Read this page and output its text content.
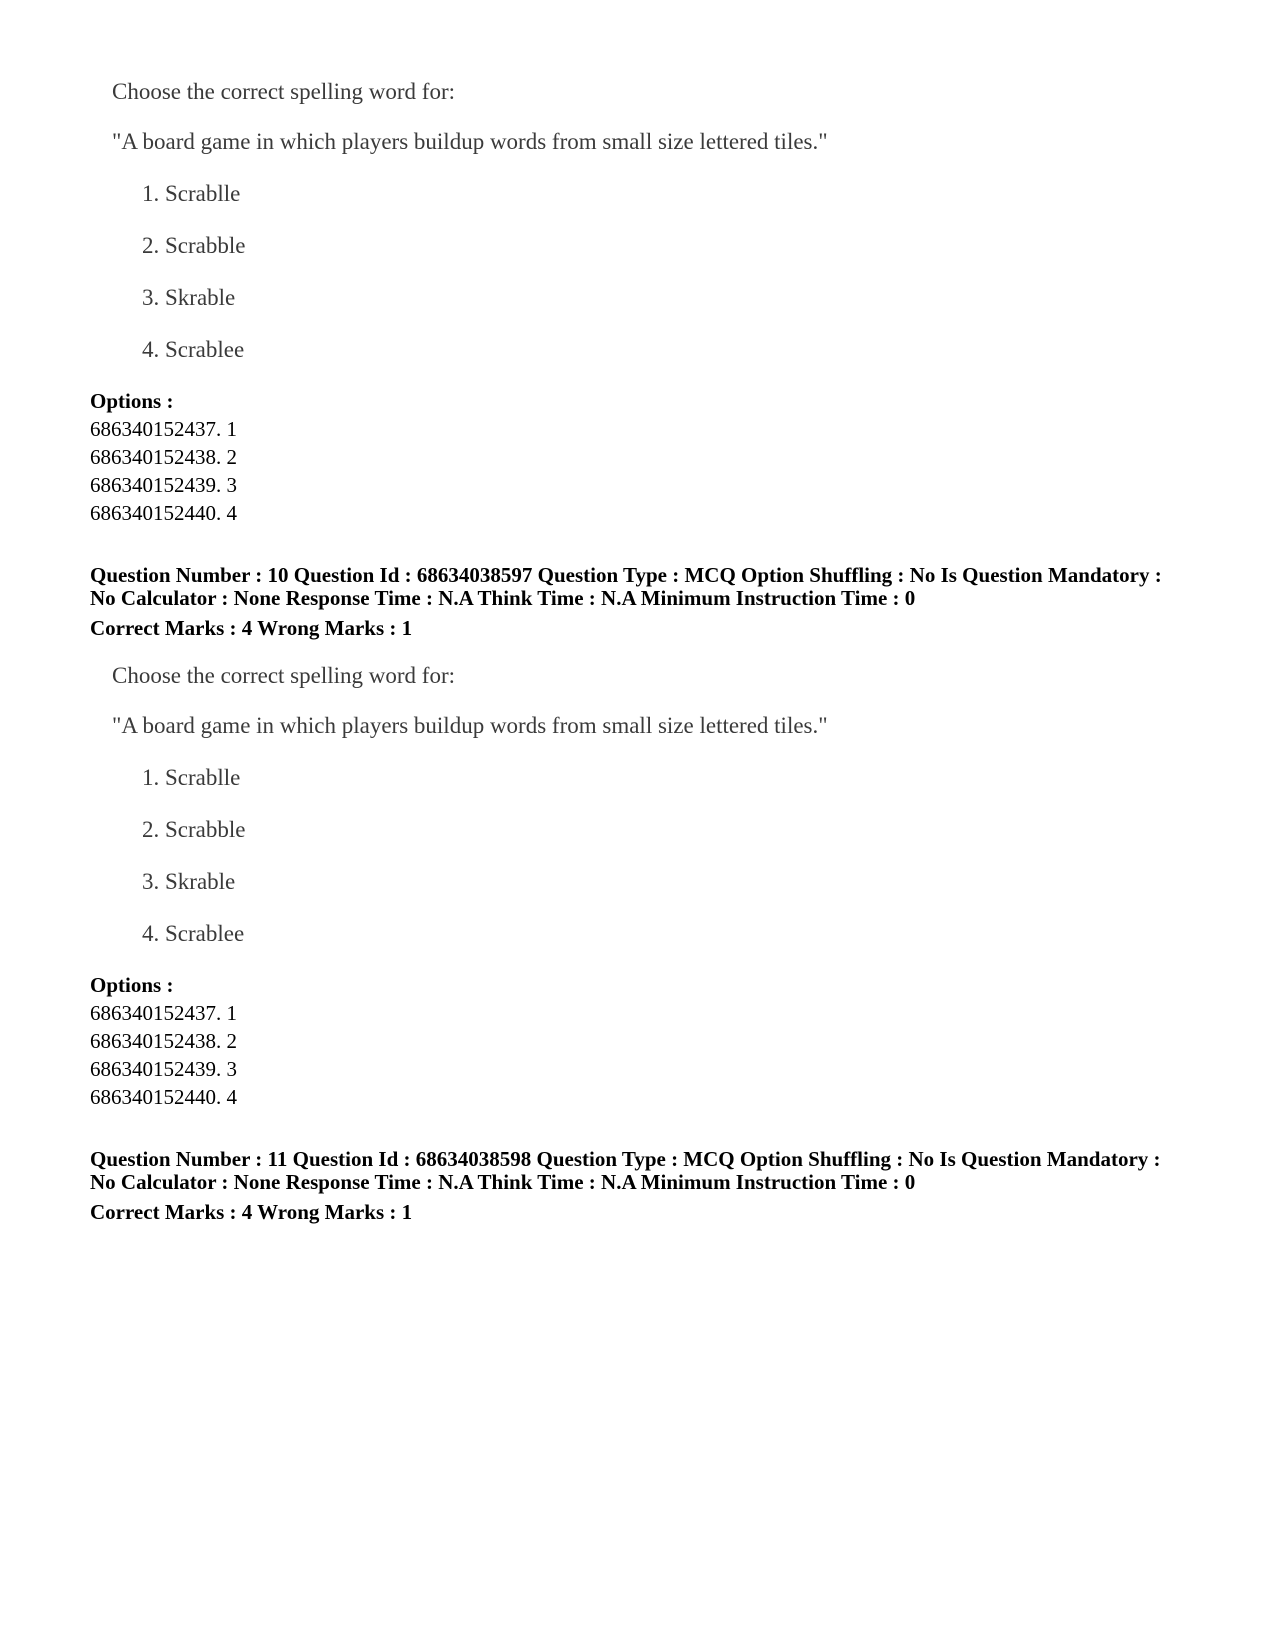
Choose the correct spelling word for:

"A board game in which players buildup words from small size lettered tiles."

1. Scrablle

2. Scrabble

3. Skrable

4. Scrablee

Options :

686340152437. 1

686340152438. 2

686340152439. 3

686340152440. 4

Question Number : 10 Question Id : 68634038597 Question Type : MCQ Option Shuffling : No Is Question Mandatory :

No Calculator : None Response Time : N.A Think Time : N.A Minimum Instruction Time : 0

Correct Marks : 4 Wrong Marks : 1

Choose the correct spelling word for:

"A board game in which players buildup words from small size lettered tiles."

1. Scrablle

2. Scrabble

3. Skrable

4. Scrablee

Options :

686340152437. 1

686340152438. 2

686340152439. 3

686340152440. 4

Question Number : 11 Question Id : 68634038598 Question Type : MCQ Option Shuffling : No Is Question Mandatory :

No Calculator : None Response Time : N.A Think Time : N.A Minimum Instruction Time : 0

Correct Marks : 4 Wrong Marks : 1
